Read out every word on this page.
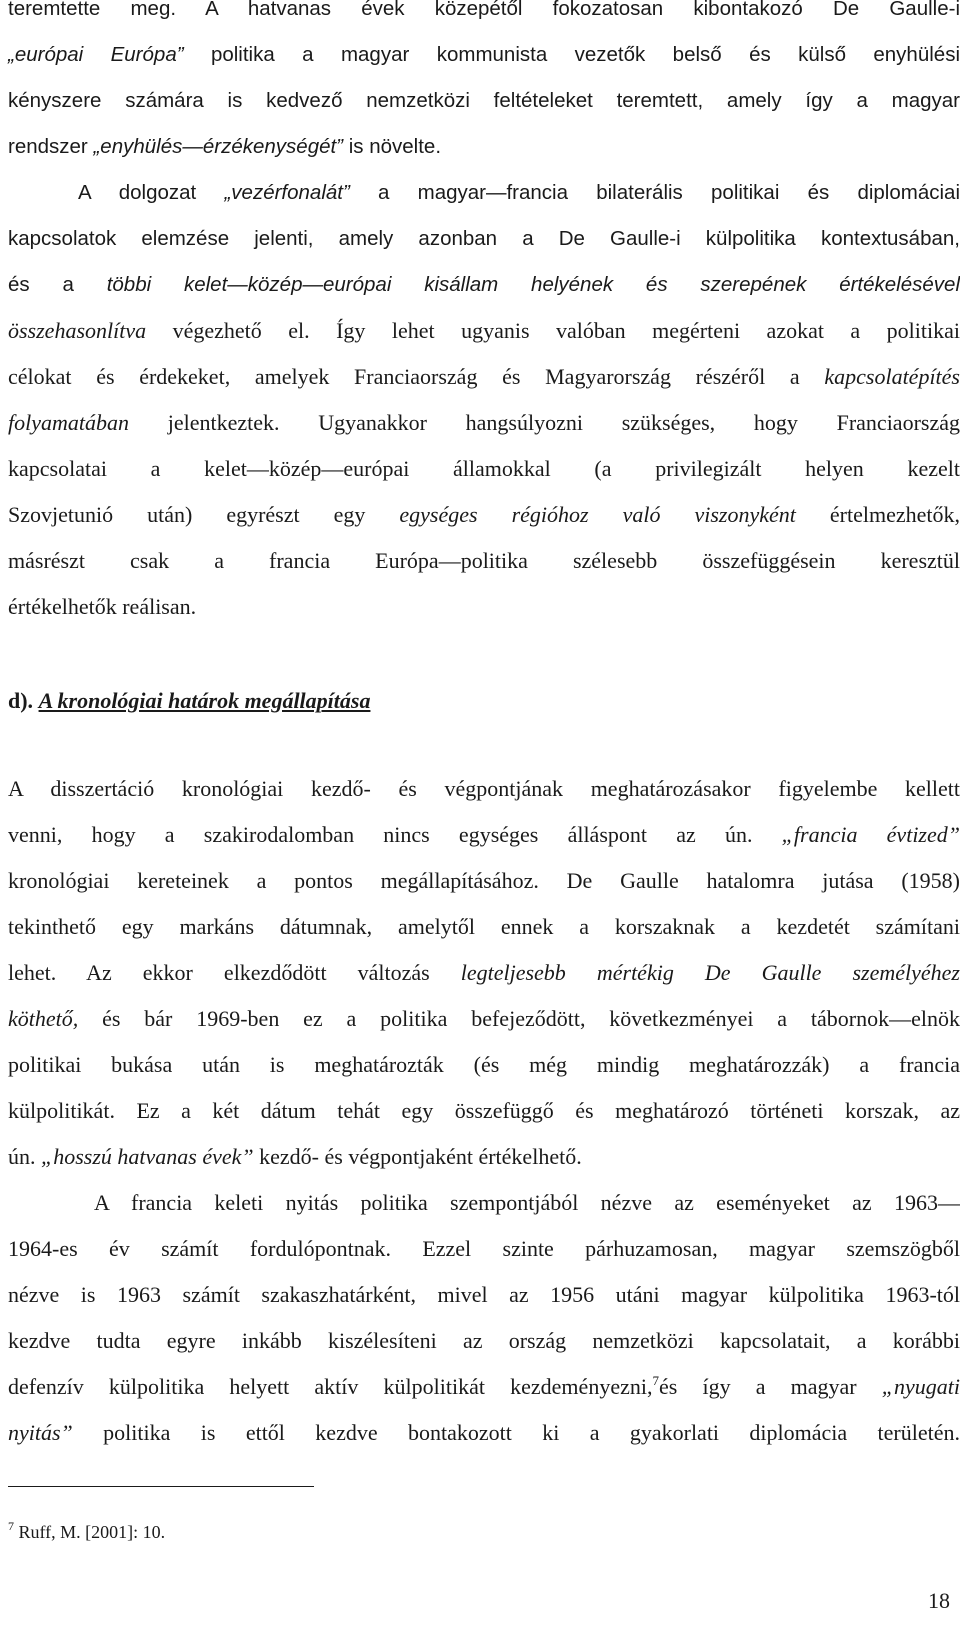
teremtette meg. A hatvanas évek közepétől fokozatosan kibontakozó De Gaulle-i
„európai Európa” politika a magyar kommunista vezetők belső és külső enyhülési
kényszere számára is kedvező nemzetközi feltételeket teremtett, amely így a magyar
rendszer „enyhülés—érzékenységét” is növelte.
A dolgozat „vezérfonalát” a magyar—francia bilaterális politikai és diplomáciai
kapcsolatok elemzése jelenti, amely azonban a De Gaulle-i külpolitika kontextusában,
és a többi kelet—közép—európai kisállam helyének és szerepének értékelésével
összehasonlítva végezhető el. Így lehet ugyanis valóban megérteni azokat a politikai
célokat és érdekeket, amelyek Franciaország és Magyarország részéről a kapcsolatépítés
folyamatában jelentkeztek. Ugyanakkor hangsúlyozni szükséges, hogy Franciaország
kapcsolatai a kelet—közép—európai államokkal (a privilegizált helyen kezelt
Szovjetunió után) egyrészt egy egységes régióhoz való viszonyként értelmezhetők,
másrészt csak a francia Európa—politika szélesebb összefüggésein keresztül
értékelhetők reálisan.
d). A kronológiai határok megállapítása
A disszertáció kronológiai kezdő- és végpontjának meghatározásakor figyelembe kellett
venni, hogy a szakirodalomban nincs egységes álláspont az ún. „francia évtized”
kronológiai kereteinek a pontos megállapításához. De Gaulle hatalomra jutása (1958)
tekinthető egy markáns dátumnak, amelytől ennek a korszaknak a kezdetét számítani
lehet. Az ekkor elkezdődött változás legteljesebb mértékig De Gaulle személyéhez
köthető, és bár 1969-ben ez a politika befejeződött, következményei a tábornok—elnök
politikai bukása után is meghatározták (és még mindig meghatározzák) a francia
külpolitikát. Ez a két dátum tehát egy összefüggő és meghatározó történeti korszak, az
ún. „hosszú hatvanas évek” kezdő- és végpontjaként értékelhető.
A francia keleti nyitás politika szempontjából nézve az eseményeket az 1963—
1964-es év számít fordulópontnak. Ezzel szinte párhuzamosan, magyar szemszögből
nézve is 1963 számít szakaszhatárként, mivel az 1956 utáni magyar külpolitika 1963-tól
kezdve tudta egyre inkább kiszélesíteni az ország nemzetközi kapcsolatait, a korábbi
defenzív külpolitika helyett aktív külpolitikát kezdeményezni,$^7$és így a magyar „nyugati
nyitás” politika is ettől kezdve bontakozott ki a gyakorlati diplomácia területén.
$^7$ Ruff, M. [2001]: 10.
18
